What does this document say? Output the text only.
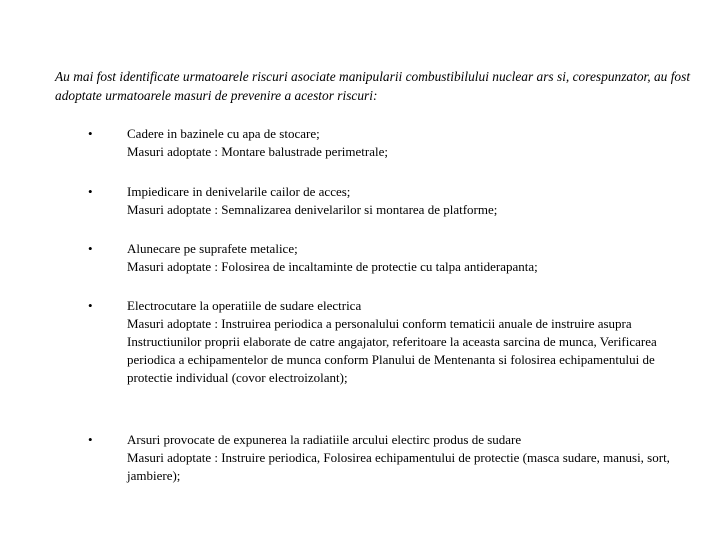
Au mai fost identificate urmatoarele riscuri asociate manipularii combustibilului nuclear ars si, corespunzator, au fost adoptate urmatoarele masuri de prevenire a acestor riscuri:

•	Cadere in bazinele cu apa de stocare;
Masuri adoptate : Montare balustrade perimetrale;
•	Impiedicare in denivelarile cailor de acces;
Masuri adoptate : Semnalizarea denivelarilor si montarea de platforme;
•	Alunecare pe suprafete metalice;
Masuri adoptate : Folosirea de incaltaminte de protectie cu talpa antiderapanta;
•	Electrocutare la operatiile de sudare electrica
Masuri adoptate : Instruirea periodica a personalului conform tematicii anuale de instruire asupra Instructiunilor proprii elaborate de catre angajator, referitoare la aceasta sarcina de munca, Verificarea periodica a echipamentelor de munca conform Planului de Mentenanta si folosirea echipamentului de protectie individual (covor electroizolant);
•	Arsuri provocate de expunerea la radiatiile arcului electirc produs de sudare
Masuri adoptate : Instruire periodica, Folosirea echipamentului de protectie (masca sudare, manusi, sort, jambiere);
